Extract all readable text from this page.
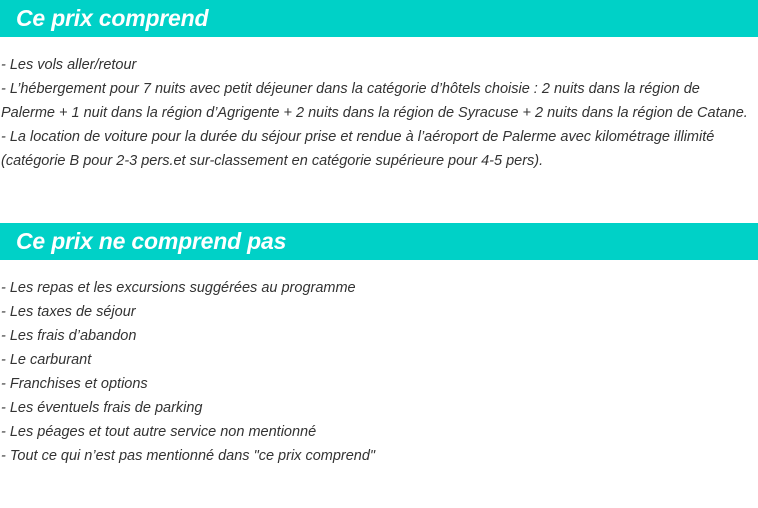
Ce prix comprend
- Les vols aller/retour
- L’hébergement pour 7 nuits avec petit déjeuner dans la catégorie d’hôtels choisie : 2 nuits dans la région de Palerme + 1 nuit dans la région d’Agrigente + 2 nuits dans la région de Syracuse + 2 nuits dans la région de Catane.
- La location de voiture pour la durée du séjour prise et rendue à l’aéroport de Palerme avec kilométrage illimité (catégorie B pour 2-3 pers.et sur-classement en catégorie supérieure pour 4-5 pers).
Ce prix ne comprend pas
- Les repas et les excursions suggérées au programme
- Les taxes de séjour
- Les frais d’abandon
- Le carburant
- Franchises et options
- Les éventuels frais de parking
- Les péages et tout autre service non mentionné
- Tout ce qui n’est pas mentionné dans "ce prix comprend"
